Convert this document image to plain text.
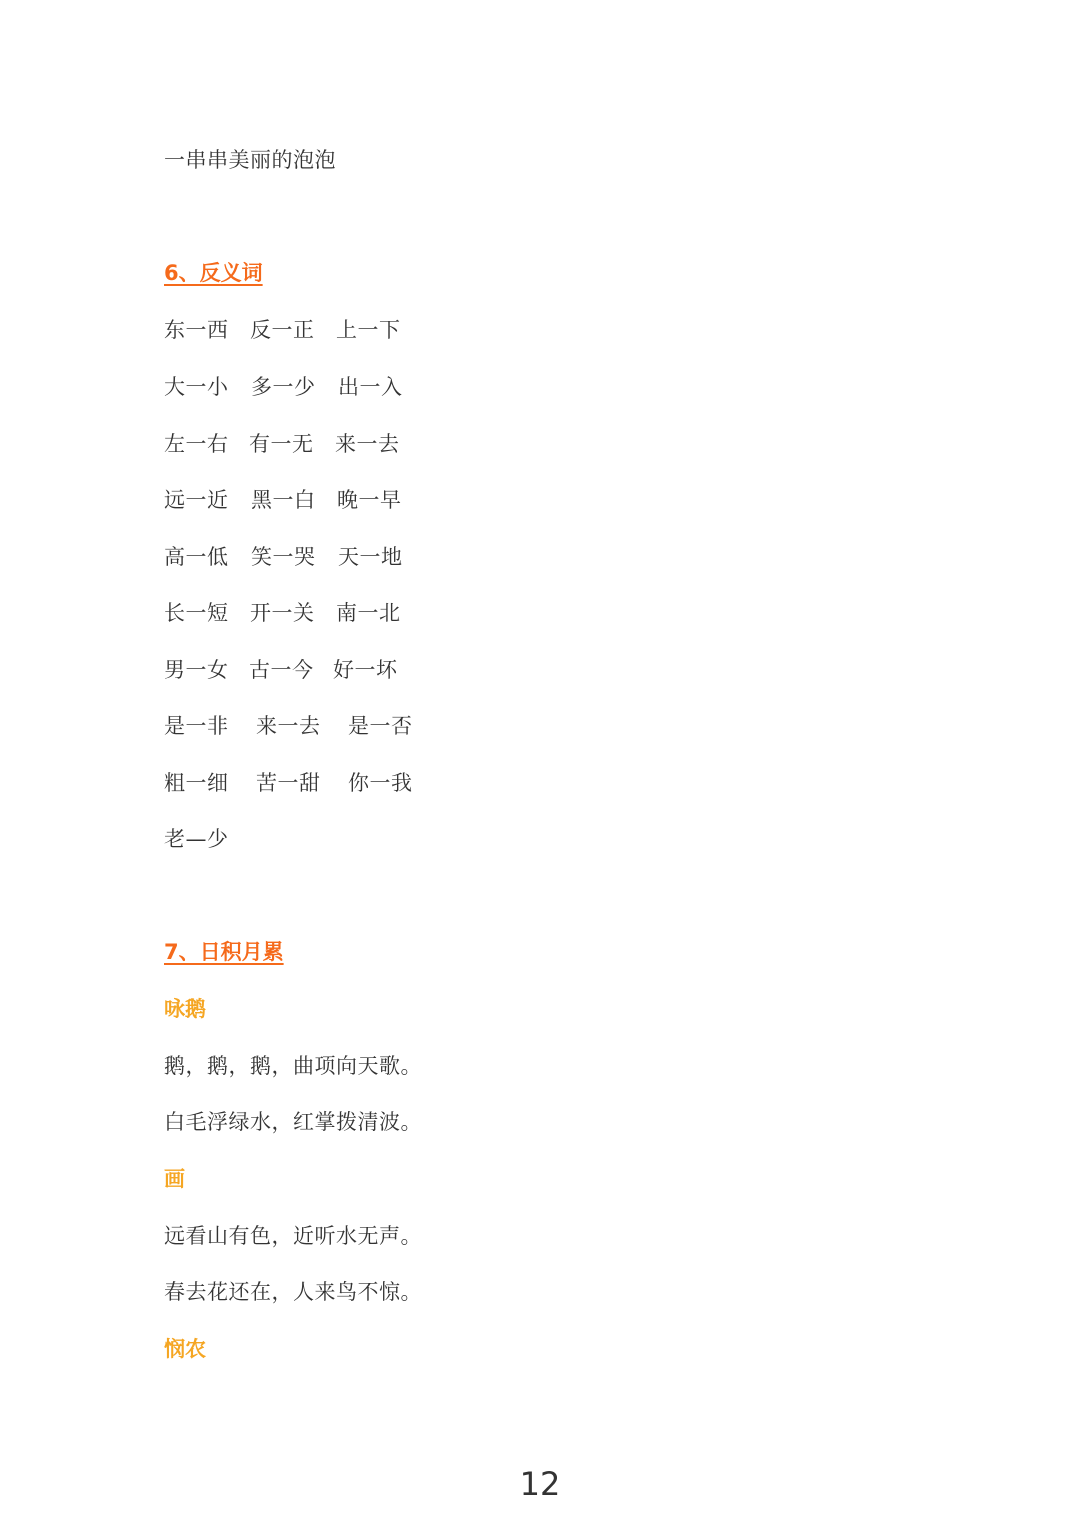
一串串美丽的泡泡
6、反义词
东一西 反一正 上一下
大一小 多一少 出一入
左一右 有一无 来一去
远一近 黑一白 晚一早
高一低 笑一哭 天一地
长一短 开一关 南一北
男一女 古一今 好一坏
是一非 来一去 是一否
粗一细 苦一甜 你一我
老—少
7、日积月累
咏鹅
鹅，鹅，鹅，曲项向天歌。
白毛浮绿水，红掌拨清波。
画
远看山有色，近听水无声。
春去花还在，人来鸟不惊。
悯农
12
